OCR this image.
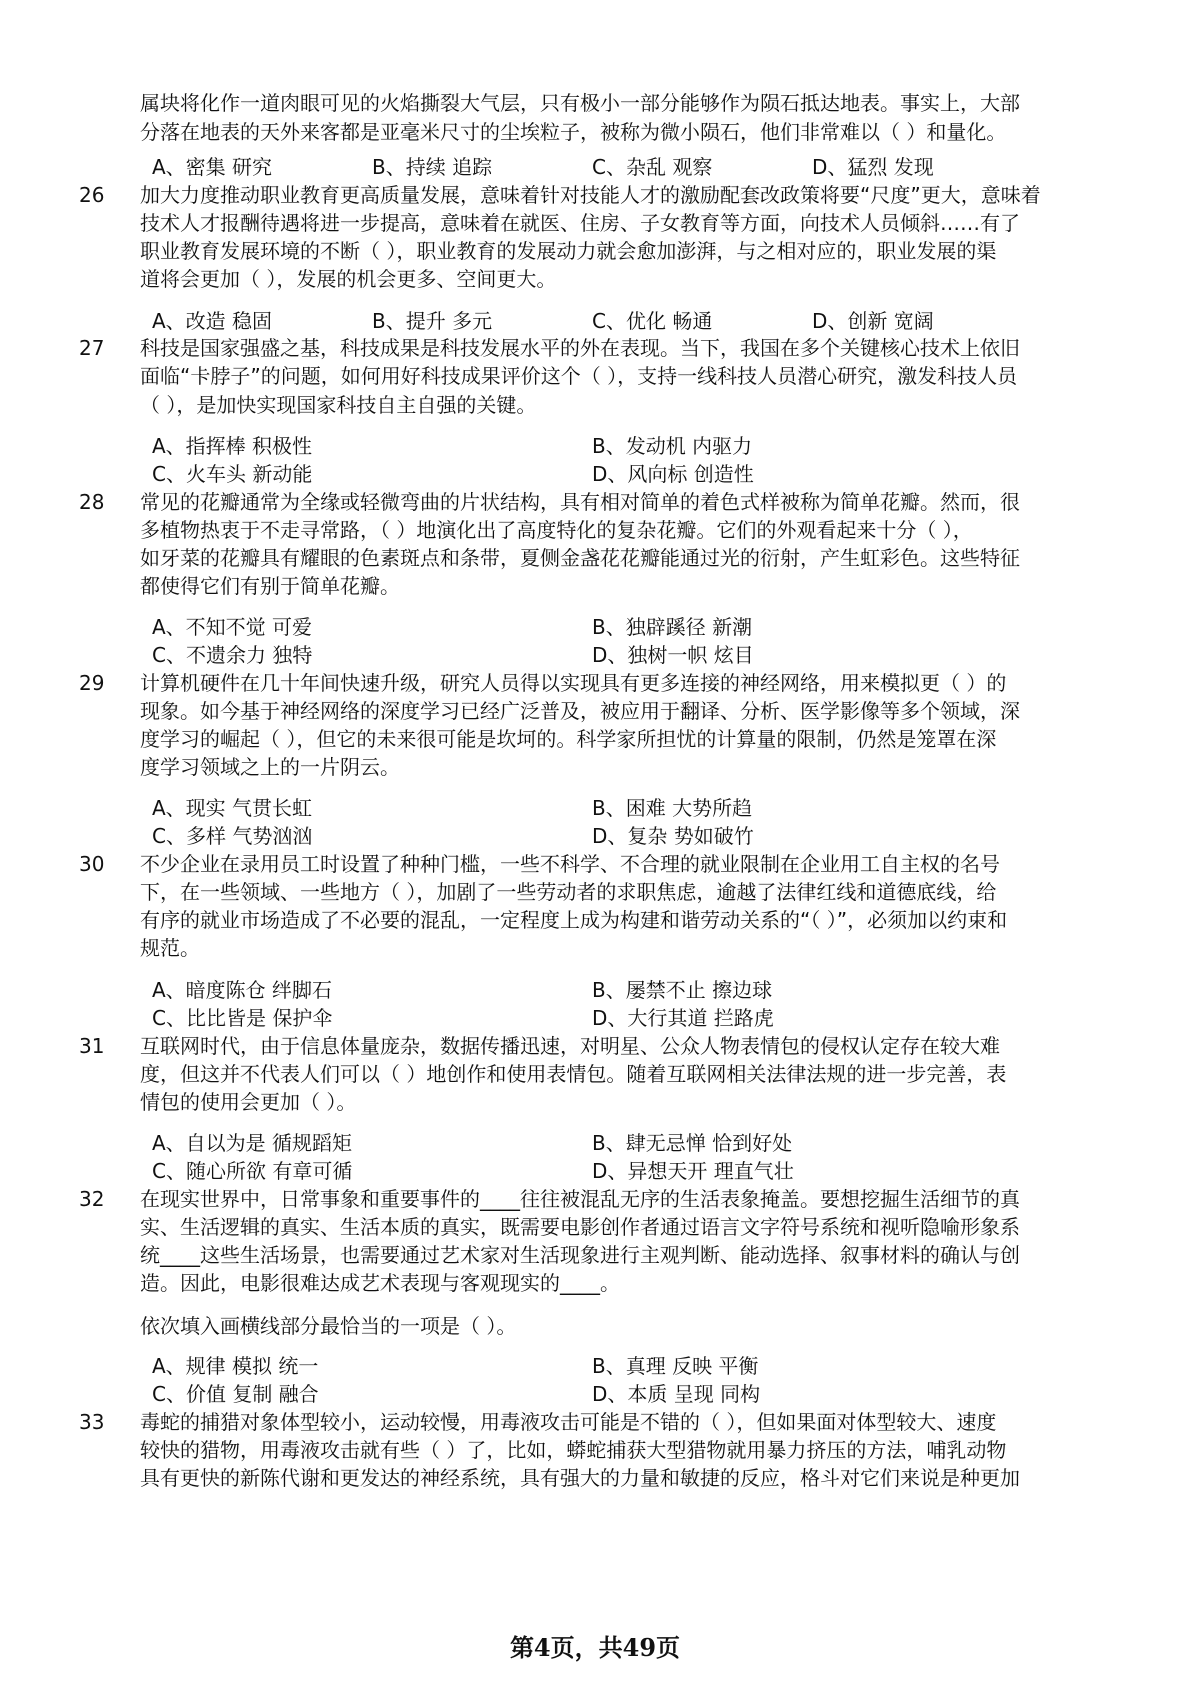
属块将化作一道肉眼可见的火焰撕裂大气层，只有极小一部分能够作为陨石抵达地表。事实上，大部
分落在地表的天外来客都是亚毫米尺寸的尘埃粒子，被称为微小陨石，他们非常难以（ ）和量化。
A、密集 研究	B、持续 追踪	C、杂乱 观察	D、猛烈 发现
26	加大力度推动职业教育更高质量发展，意味着针对技能人才的激励配套改政策将要“尺度”更大，意味着
技术人才报酬待遇将进一步提高，意味着在就医、住房、子女教育等方面，向技术人员倾斜……有了
职业教育发展环境的不断（ ），职业教育的发展动力就会愈加澎湃，与之相对应的，职业发展的渠
道将会更加（ ），发展的机会更多、空间更大。
A、改造 稳固	B、提升 多元	C、优化 畅通	D、创新 宽阔
27	科技是国家强盛之基，科技成果是科技发展水平的外在表现。当下，我国在多个关键核心技术上依旧
面临“卡脖子”的问题，如何用好科技成果评价这个（ ），支持一线科技人员潜心研究，激发科技人员
（ ），是加快实现国家科技自主自强的关键。
A、指挥棒 积极性	B、发动机 内驱力
C、火车头 新动能	D、风向标 创造性
28	常见的花瓣通常为全缘或轻微弯曲的片状结构，具有相对简单的着色式样被称为简单花瓣。然而，很
多植物热衷于不走寻常路，（ ）地演化出了高度特化的复杂花瓣。它们的外观看起来十分（ ），
如牙菜的花瓣具有耀眼的色素斑点和条带，夏侧金盏花花瓣能通过光的衍射，产生虹彩色。这些特征
都使得它们有别于简单花瓣。
A、不知不觉 可爱	B、独辟蹊径 新潮
C、不遗余力 独特	D、独树一帜 炫目
29	计算机硬件在几十年间快速升级，研究人员得以实现具有更多连接的神经网络，用来模拟更（ ）的
现象。如今基于神经网络的深度学习已经广泛普及，被应用于翻译、分析、医学影像等多个领域，深
度学习的崛起（ ），但它的未来很可能是坎坷的。科学家所担忧的计算量的限制，仍然是笼罩在深
度学习领域之上的一片阴云。
A、现实 气贯长虹	B、困难 大势所趋
C、多样 气势汹汹	D、复杂 势如破竹
30	不少企业在录用员工时设置了种种门槛，一些不科学、不合理的就业限制在企业用工自主权的名号
下，在一些领域、一些地方（ ），加剧了一些劳动者的求职焦虑，逾越了法律红线和道德底线，给
有序的就业市场造成了不必要的混乱，一定程度上成为构建和谐劳动关系的“（ ）”，必须加以约束和
规范。
A、暗度陈仓 绊脚石	B、屡禁不止 擦边球
C、比比皆是 保护伞	D、大行其道 拦路虎
31	互联网时代，由于信息体量庞杂，数据传播迅速，对明星、公众人物表情包的侵权认定存在较大难
度，但这并不代表人们可以（ ）地创作和使用表情包。随着互联网相关法律法规的进一步完善，表
情包的使用会更加（ ）。
A、自以为是 循规蹈矩	B、肆无忌惮 恰到好处
C、随心所欲 有章可循	D、异想天开 理直气壮
32	在现实世界中，日常事象和重要事件的____往往被混乱无序的生活表象掩盖。要想挖掘生活细节的真
实、生活逻辑的真实、生活本质的真实，既需要电影创作者通过语言文字符号系统和视听隐喻形象系
统____这些生活场景，也需要通过艺术家对生活现象进行主观判断、能动选择、叙事材料的确认与创
造。因此，电影很难达成艺术表现与客观现实的____。
依次填入画横线部分最恰当的一项是（ ）。
A、规律 模拟 统一	B、真理 反映 平衡
C、价值 复制 融合	D、本质 呈现 同构
33	毒蛇的捕猎对象体型较小，运动较慢，用毒液攻击可能是不错的（ ），但如果面对体型较大、速度
较快的猎物，用毒液攻击就有些（ ）了，比如，蟒蛇捕获大型猎物就用暴力挤压的方法，哺乳动物
具有更快的新陈代谢和更发达的神经系统，具有强大的力量和敏捷的反应，格斗对它们来说是种更加
第4页，共49页
